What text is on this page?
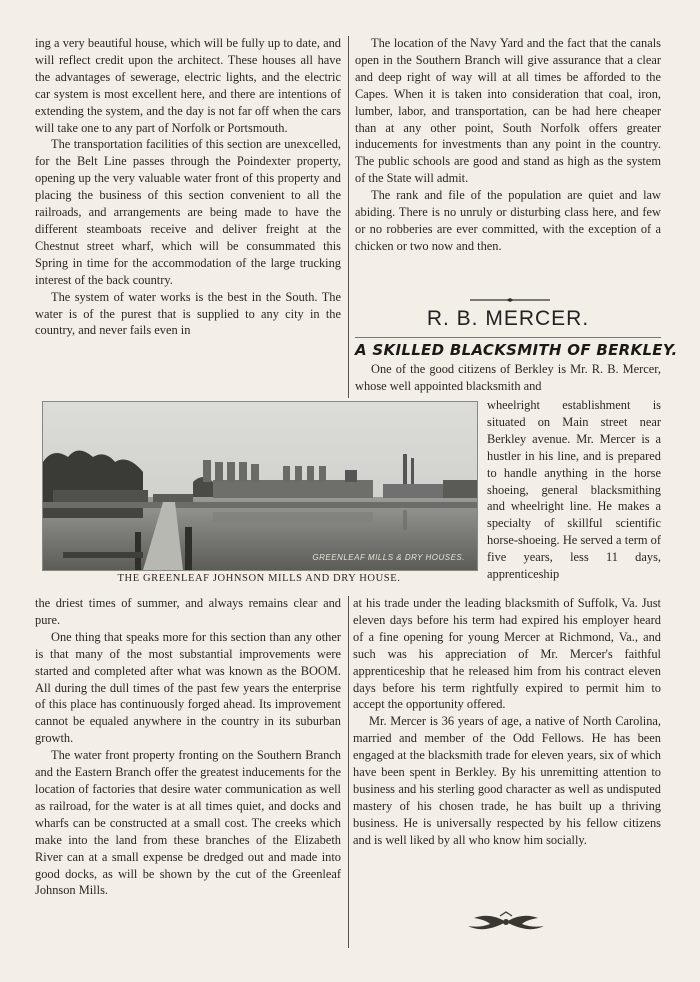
ing a very beautiful house, which will be fully up to date, and will reflect credit upon the architect. These houses all have the advantages of sewerage, electric lights, and the electric car system is most excellent here, and there are intentions of extending the system, and the day is not far off when the cars will take one to any part of Norfolk or Portsmouth.

The transportation facilities of this section are unexcelled, for the Belt Line passes through the Poindexter property, opening up the very valuable water front of this property and placing the business of this section convenient to all the railroads, and arrangements are being made to have the different steamboats receive and deliver freight at the Chestnut street wharf, which will be consummated this Spring in time for the accommodation of the large trucking interest of the back country.

The system of water works is the best in the South. The water is of the purest that is supplied to any city in the country, and never fails even in

The location of the Navy Yard and the fact that the canals open in the Southern Branch will give assurance that a clear and deep right of way will at all times be afforded to the Capes. When it is taken into consideration that coal, iron, lumber, labor, and transportation, can be had here cheaper than at any other point, South Norfolk offers greater inducements for investments than any point in the country. The public schools are good and stand as high as the system of the State will admit.

The rank and file of the population are quiet and law abiding. There is no unruly or disturbing class here, and few or no robberies are ever committed, with the exception of a chicken or two now and then.

R. B. MERCER.
A SKILLED BLACKSMITH OF BERKLEY.

One of the good citizens of Berkley is Mr. R. B. Mercer, whose well appointed blacksmith and

wheelright establishment is situated on Main street near Berkley avenue. Mr. Mercer is a hustler in his line, and is prepared to handle anything in the horse shoeing, general blacksmithing and wheelright line. He makes a specialty of skillful scientific horse-shoeing. He served a term of five years, less 11 days, apprenticeship

GREENLEAF MILLS & DRY HOUSES.
THE GREENLEAF JOHNSON MILLS AND DRY HOUSE.

the driest times of summer, and always remains clear and pure.

One thing that speaks more for this section than any other is that many of the most substantial improvements were started and completed after what was known as the BOOM. All during the dull times of the past few years the enterprise of this place has continuously forged ahead. Its improvement cannot be equaled anywhere in the country in its suburban growth.

The water front property fronting on the Southern Branch and the Eastern Branch offer the greatest inducements for the location of factories that desire water communication as well as railroad, for the water is at all times quiet, and docks and wharfs can be constructed at a small cost. The creeks which make into the land from these branches of the Elizabeth River can at a small expense be dredged out and made into good docks, as will be shown by the cut of the Greenleaf Johnson Mills.

at his trade under the leading blacksmith of Suffolk, Va. Just eleven days before his term had expired his employer heard of a fine opening for young Mercer at Richmond, Va., and such was his appreciation of Mr. Mercer's faithful apprenticeship that he released him from his contract eleven days before his term rightfully expired to permit him to accept the opportunity offered.

Mr. Mercer is 36 years of age, a native of North Carolina, married and member of the Odd Fellows. He has been engaged at the blacksmith trade for eleven years, six of which have been spent in Berkley. By his unremitting attention to business and his sterling good character as well as undisputed mastery of his chosen trade, he has built up a thriving business. He is universally respected by his fellow citizens and is well liked by all who know him socially.
